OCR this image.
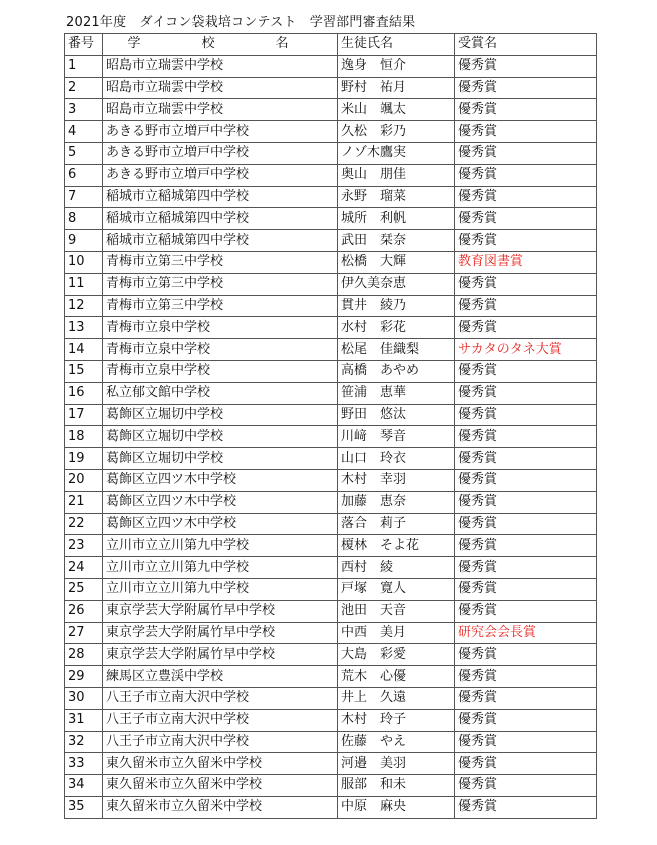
2021年度　ダイコン袋栽培コンテスト　学習部門審査結果
番号	学　校　名	生徒氏名	受賞名
1	昭島市立瑞雲中学校	逸身　恒介	優秀賞
2	昭島市立瑞雲中学校	野村　祐月	優秀賞
3	昭島市立瑞雲中学校	米山　颯太	優秀賞
4	あきる野市立増戸中学校	久松　彩乃	優秀賞
5	あきる野市立増戸中学校	ノゾ木鷹実	優秀賞
6	あきる野市立増戸中学校	奥山　朋佳	優秀賞
7	稲城市立稲城第四中学校	永野　瑠菜	優秀賞
8	稲城市立稲城第四中学校	城所　利帆	優秀賞
9	稲城市立稲城第四中学校	武田　栞奈	優秀賞
10	青梅市立第三中学校	松橋　大輝	教育図書賞
11	青梅市立第三中学校	伊久美奈恵	優秀賞
12	青梅市立第三中学校	貫井　綾乃	優秀賞
13	青梅市立泉中学校	水村　彩花	優秀賞
14	青梅市立泉中学校	松尾　佳織梨	サカタのタネ大賞
15	青梅市立泉中学校	高橋　あやめ	優秀賞
16	私立郁文館中学校	笹浦　恵華	優秀賞
17	葛飾区立堀切中学校	野田　悠汰	優秀賞
18	葛飾区立堀切中学校	川﨑　琴音	優秀賞
19	葛飾区立堀切中学校	山口　玲衣	優秀賞
20	葛飾区立四ツ木中学校	木村　幸羽	優秀賞
21	葛飾区立四ツ木中学校	加藤　恵奈	優秀賞
22	葛飾区立四ツ木中学校	落合　莉子	優秀賞
23	立川市立立川第九中学校	榎林　そよ花	優秀賞
24	立川市立立川第九中学校	西村　綾	優秀賞
25	立川市立立川第九中学校	戸塚　寛人	優秀賞
26	東京学芸大学附属竹早中学校	池田　天音	優秀賞
27	東京学芸大学附属竹早中学校	中西　美月	研究会会長賞
28	東京学芸大学附属竹早中学校	大島　彩愛	優秀賞
29	練馬区立豊渓中学校	荒木　心優	優秀賞
30	八王子市立南大沢中学校	井上　久遠	優秀賞
31	八王子市立南大沢中学校	木村　玲子	優秀賞
32	八王子市立南大沢中学校	佐藤　やえ	優秀賞
33	東久留米市立久留米中学校	河邉　美羽	優秀賞
34	東久留米市立久留米中学校	服部　和未	優秀賞
35	東久留米市立久留米中学校	中原　麻央	優秀賞
